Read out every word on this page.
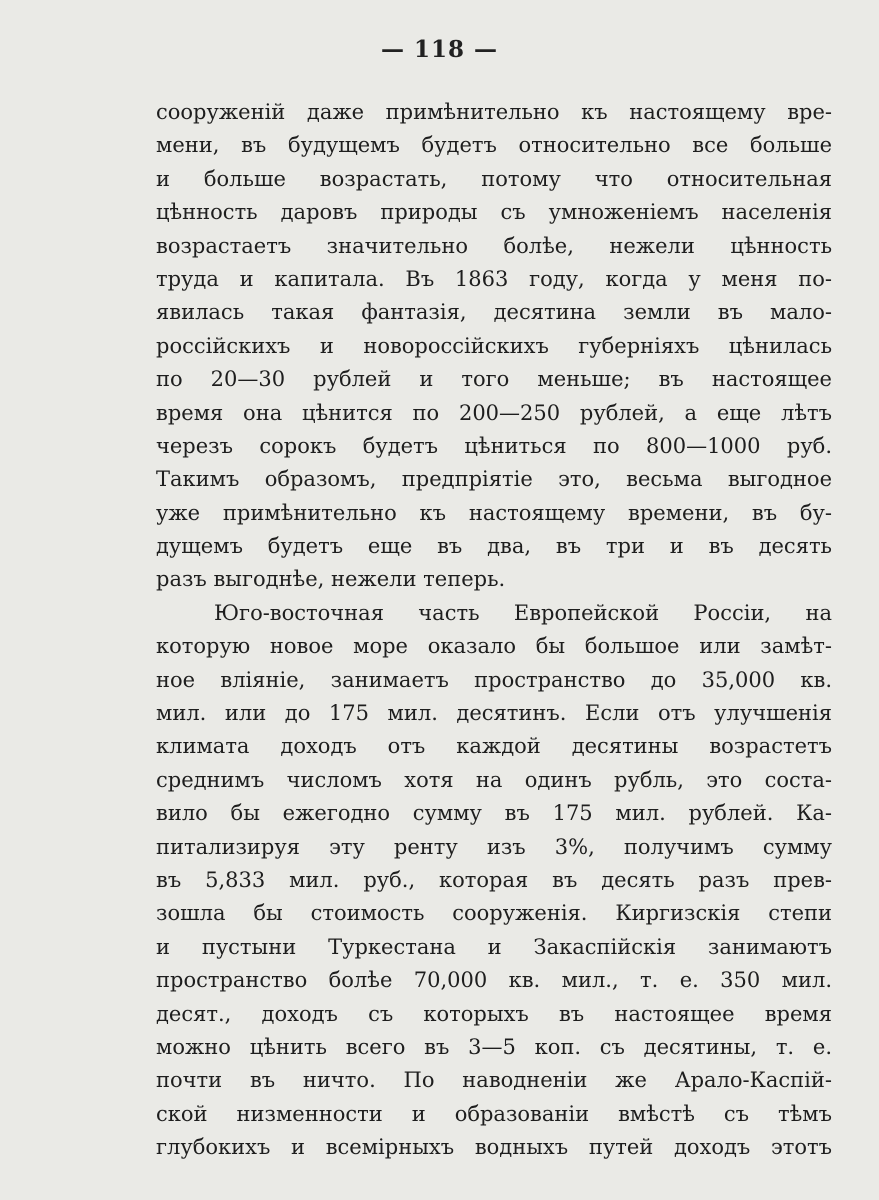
— 118 —
сооруженій даже примѣнительно къ настоящему вре-
мени, въ будущемъ будетъ относительно все больше
и больше возрастать, потому что относительная
цѣнность даровъ природы съ умноженіемъ населенія
возрастаетъ значительно болѣе, нежели цѣнность
труда и капитала. Въ 1863 году, когда у меня по-
явилась такая фантазія, десятина земли въ мало-
россійскихъ и новороссійскихъ губерніяхъ цѣнилась
по 20—30 рублей и того меньше; въ настоящее
время она цѣнится по 200—250 рублей, а еще лѣтъ
черезъ сорокъ будетъ цѣниться по 800—1000 руб.
Такимъ образомъ, предпріятіе это, весьма выгодное
уже примѣнительно къ настоящему времени, въ бу-
дущемъ будетъ еще въ два, въ три и въ десять
разъ выгоднѣе, нежели теперь.
Юго-восточная часть Европейской Россіи, на
которую новое море оказало бы большое или замѣт-
ное вліяніе, занимаетъ пространство до 35,000 кв.
мил. или до 175 мил. десятинъ. Если отъ улучшенія
климата доходъ отъ каждой десятины возрастетъ
среднимъ числомъ хотя на одинъ рубль, это соста-
вило бы ежегодно сумму въ 175 мил. рублей. Ка-
питализируя эту ренту изъ 3%, получимъ сумму
въ 5,833 мил. руб., которая въ десять разъ прев-
зошла бы стоимость сооруженія. Киргизскія степи
и пустыни Туркестана и Закаспійскія занимаютъ
пространство болѣе 70,000 кв. мил., т. е. 350 мил.
десят., доходъ съ которыхъ въ настоящее время
можно цѣнить всего въ 3—5 коп. съ десятины, т. е.
почти въ ничто. По наводненіи же Арало-Каспій-
ской низменности и образованіи вмѣстѣ съ тѣмъ
глубокихъ и всемірныхъ водныхъ путей доходъ этотъ
